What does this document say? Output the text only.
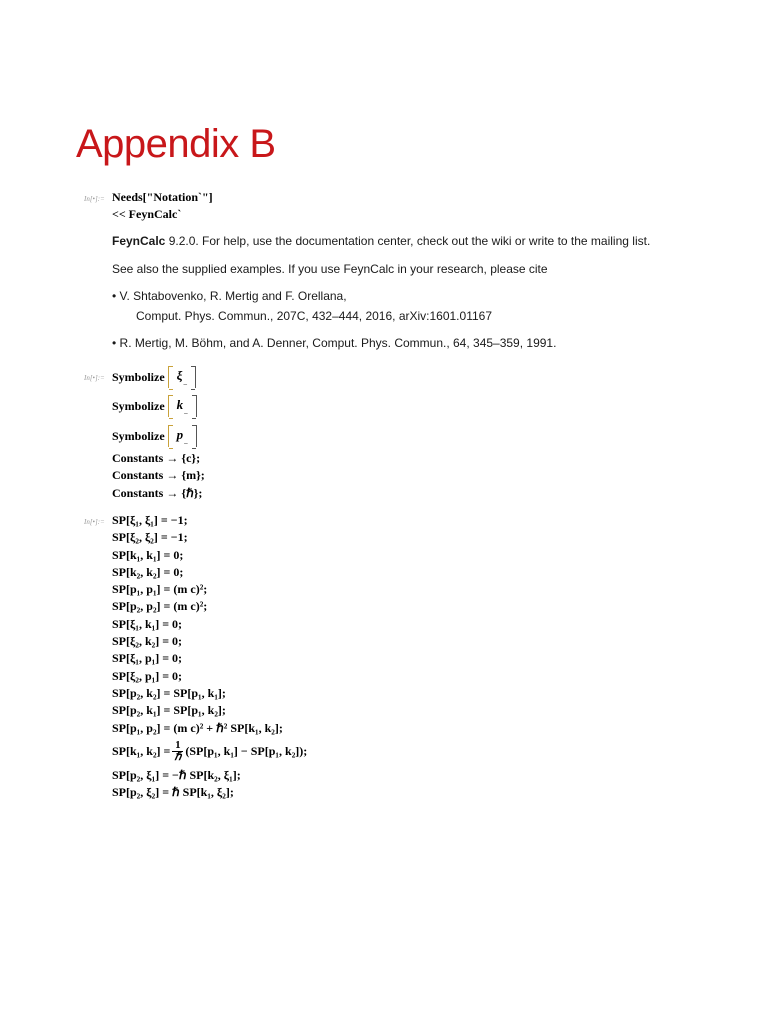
Appendix B
In[•]:= Needs["Notation`"]
<< FeynCalc`
FeynCalc 9.2.0. For help, use the documentation center, check out the wiki or write to the mailing list.
See also the supplied examples. If you use FeynCalc in your research, please cite
• V. Shtabovenko, R. Mertig and F. Orellana,
Comput. Phys. Commun., 207C, 432–444, 2016, arXiv:1601.01167
• R. Mertig, M. Böhm, and A. Denner, Comput. Phys. Commun., 64, 345–359, 1991.
In[•]:= Symbolize ξ _
Symbolize k _
Symbolize p _
Constants → {c};
Constants → {m};
Constants → {ℏ};
In[•]:= SP[ξ₁, ξ₁] = −1;
SP[ξ₂, ξ₂] = −1;
SP[k₁, k₁] = 0;
SP[k₂, k₂] = 0;
SP[p₁, p₁] = (m c)²;
SP[p₂, p₂] = (m c)²;
SP[ξ₁, k₁] = 0;
SP[ξ₂, k₂] = 0;
SP[ξ₁, p₁] = 0;
SP[ξ₂, p₁] = 0;
SP[p₂, k₂] = SP[p₁, k₁];
SP[p₂, k₁] = SP[p₁, k₂];
SP[p₁, p₂] = (m c)² + ℏ² SP[k₁, k₂];
SP[k₁, $k_2] = \frac{1}{\text{ℏ}} (SP[p_1$, k₁] − SP[p₁, k₂]);
SP[p₂, ξ₁] = −ℏ SP[k₂, ξ₁];
SP[p₂, ξ₂] = ℏ SP[k₁, ξ₂];
